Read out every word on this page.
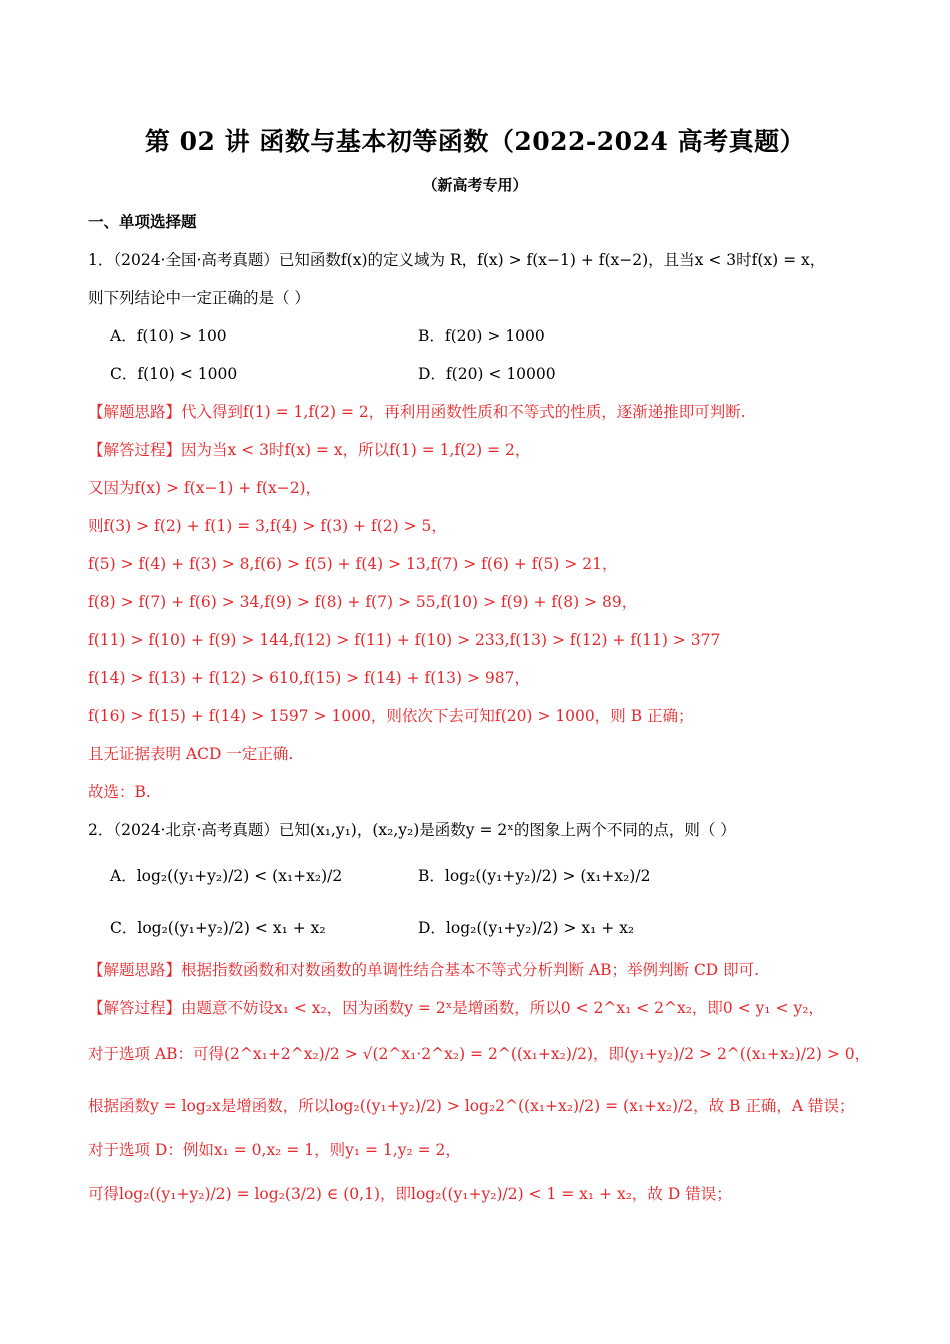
第 02 讲 函数与基本初等函数（2022-2024 高考真题）
（新高考专用）
一、单项选择题
1．（2024·全国·高考真题）已知函数f(x)的定义域为 R，f(x) > f(x−1) + f(x−2)，且当x < 3时f(x) = x，
则下列结论中一定正确的是（ ）
A．f(10) > 100	B．f(20) > 1000
C．f(10) < 1000	D．f(20) < 10000
【解题思路】代入得到f(1) = 1,f(2) = 2，再利用函数性质和不等式的性质，逐渐递推即可判断.
【解答过程】因为当x < 3时f(x) = x，所以f(1) = 1,f(2) = 2，
又因为f(x) > f(x−1) + f(x−2)，
则f(3) > f(2) + f(1) = 3,f(4) > f(3) + f(2) > 5，
f(5) > f(4) + f(3) > 8,f(6) > f(5) + f(4) > 13,f(7) > f(6) + f(5) > 21，
f(8) > f(7) + f(6) > 34,f(9) > f(8) + f(7) > 55,f(10) > f(9) + f(8) > 89，
f(11) > f(10) + f(9) > 144,f(12) > f(11) + f(10) > 233,f(13) > f(12) + f(11) > 377
f(14) > f(13) + f(12) > 610,f(15) > f(14) + f(13) > 987，
f(16) > f(15) + f(14) > 1597 > 1000，则依次下去可知f(20) > 1000，则 B 正确；
且无证据表明 ACD 一定正确.
故选：B.
2．（2024·北京·高考真题）已知(x₁,y₁)，(x₂,y₂)是函数y = 2ˣ的图象上两个不同的点，则（ ）
A．log₂((y₁+y₂)/2) < (x₁+x₂)/2	B．log₂((y₁+y₂)/2) > (x₁+x₂)/2
C．log₂((y₁+y₂)/2) < x₁ + x₂	D．log₂((y₁+y₂)/2) > x₁ + x₂
【解题思路】根据指数函数和对数函数的单调性结合基本不等式分析判断 AB；举例判断 CD 即可.
【解答过程】由题意不妨设x₁ < x₂，因为函数y = 2ˣ是增函数，所以0 < 2^x₁ < 2^x₂，即0 < y₁ < y₂，
对于选项 AB：可得(2^x₁+2^x₂)/2 > √(2^x₁·2^x₂) = 2^((x₁+x₂)/2)，即(y₁+y₂)/2 > 2^((x₁+x₂)/2) > 0，
根据函数y = log₂x是增函数，所以log₂((y₁+y₂)/2) > log₂2^((x₁+x₂)/2) = (x₁+x₂)/2，故 B 正确，A 错误；
对于选项 D：例如x₁ = 0,x₂ = 1，则y₁ = 1,y₂ = 2，
可得log₂((y₁+y₂)/2) = log₂(3/2) ∈ (0,1)，即log₂((y₁+y₂)/2) < 1 = x₁ + x₂，故 D 错误；
